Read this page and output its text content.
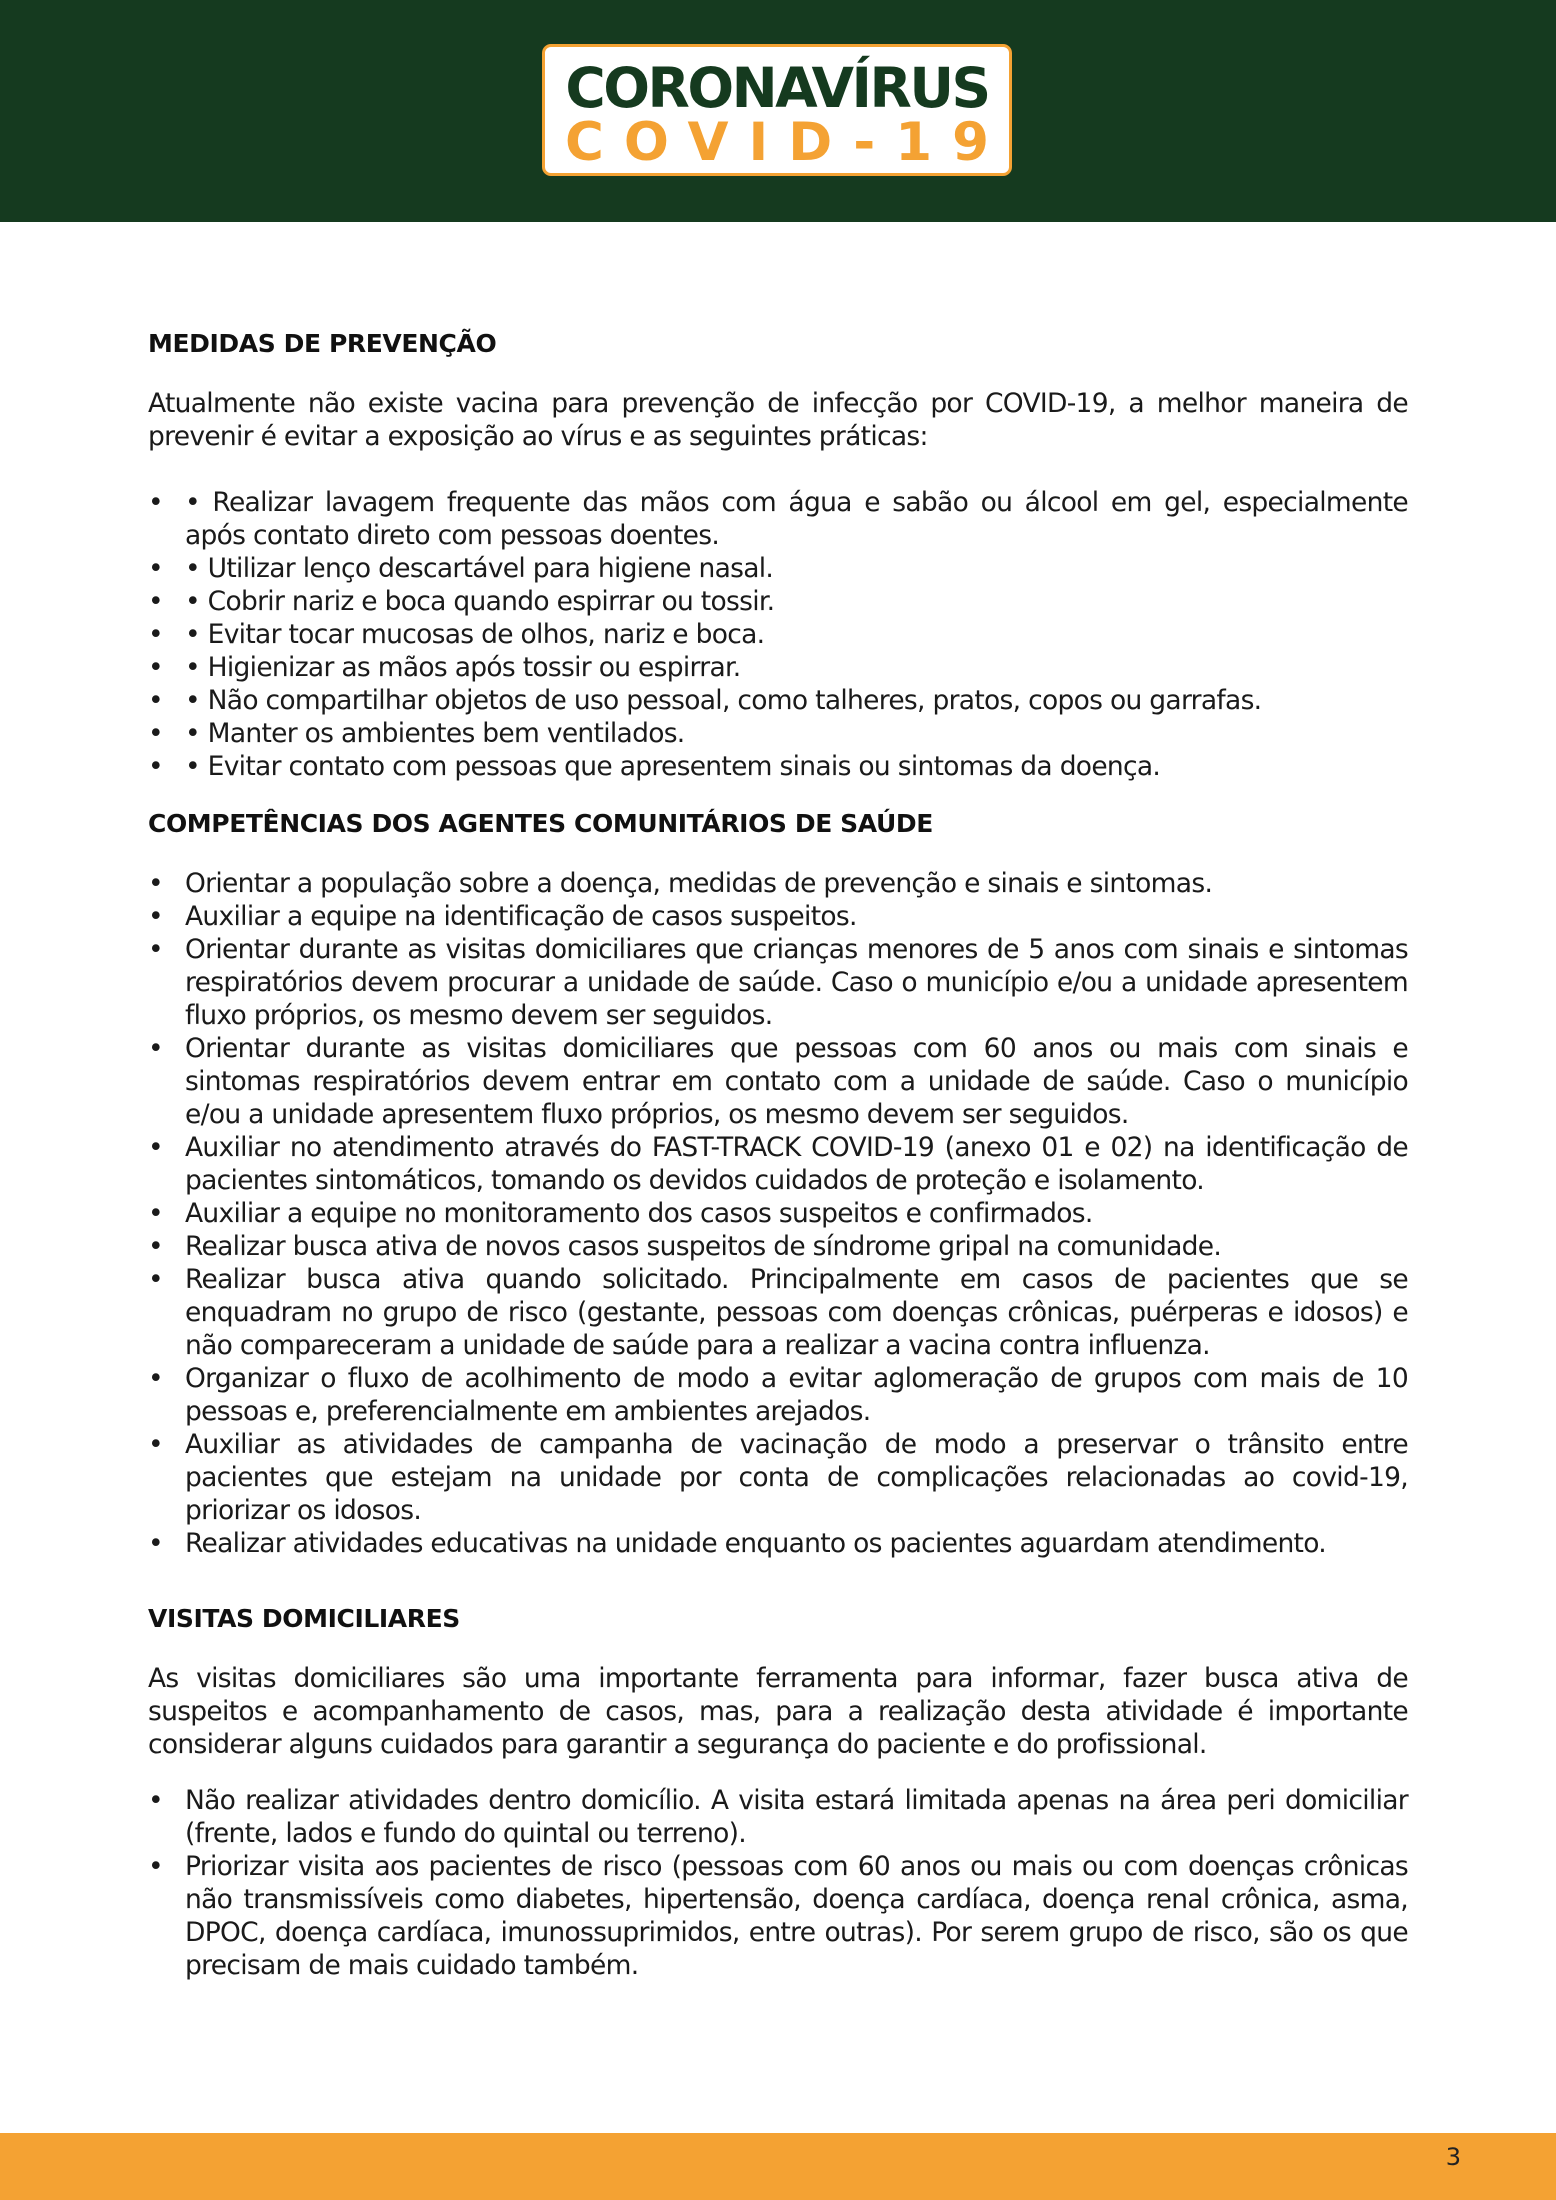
CORONAVÍRUS
COVID-19
MEDIDAS DE PREVENÇÃO

Atualmente não existe vacina para prevenção de infecção por COVID-19, a melhor maneira de prevenir é evitar a exposição ao vírus e as seguintes práticas:

• • Realizar lavagem frequente das mãos com água e sabão ou álcool em gel, especialmente após contato direto com pessoas doentes.
• • Utilizar lenço descartável para higiene nasal.
• • Cobrir nariz e boca quando espirrar ou tossir.
• • Evitar tocar mucosas de olhos, nariz e boca.
• • Higienizar as mãos após tossir ou espirrar.
• • Não compartilhar objetos de uso pessoal, como talheres, pratos, copos ou garrafas.
• • Manter os ambientes bem ventilados.
• • Evitar contato com pessoas que apresentem sinais ou sintomas da doença.
COMPETÊNCIAS DOS AGENTES COMUNITÁRIOS DE SAÚDE
• Orientar a população sobre a doença, medidas de prevenção e sinais e sintomas.
• Auxiliar a equipe na identificação de casos suspeitos.
• Orientar durante as visitas domiciliares que crianças menores de 5 anos com sinais e sintomas respiratórios devem procurar a unidade de saúde. Caso o município e/ou a unidade apresentem fluxo próprios, os mesmo devem ser seguidos.
• Orientar durante as visitas domiciliares que pessoas com 60 anos ou mais com sinais e sintomas respiratórios devem entrar em contato com a unidade de saúde. Caso o município e/ou a unidade apresentem fluxo próprios, os mesmo devem ser seguidos.
• Auxiliar no atendimento através do FAST-TRACK COVID-19 (anexo 01 e 02) na identificação de pacientes sintomáticos, tomando os devidos cuidados de proteção e isolamento.
• Auxiliar a equipe no monitoramento dos casos suspeitos e confirmados.
• Realizar busca ativa de novos casos suspeitos de síndrome gripal na comunidade.
• Realizar busca ativa quando solicitado. Principalmente em casos de pacientes que se enquadram no grupo de risco (gestante, pessoas com doenças crônicas, puérperas e idosos) e não compareceram a unidade de saúde para a realizar a vacina contra influenza.
• Organizar o fluxo de acolhimento de modo a evitar aglomeração de grupos com mais de 10 pessoas e, preferencialmente em ambientes arejados.
• Auxiliar as atividades de campanha de vacinação de modo a preservar o trânsito entre pacientes que estejam na unidade por conta de complicações relacionadas ao covid-19, priorizar os idosos.
• Realizar atividades educativas na unidade enquanto os pacientes aguardam atendimento.
VISITAS DOMICILIARES

As visitas domiciliares são uma importante ferramenta para informar, fazer busca ativa de suspeitos e acompanhamento de casos, mas, para a realização desta atividade é importante considerar alguns cuidados para garantir a segurança do paciente e do profissional.

• Não realizar atividades dentro domicílio. A visita estará limitada apenas na área peri domiciliar (frente, lados e fundo do quintal ou terreno).
• Priorizar visita aos pacientes de risco (pessoas com 60 anos ou mais ou com doenças crônicas não transmissíveis como diabetes, hipertensão, doença cardíaca, doença renal crônica, asma, DPOC, doença cardíaca, imunossuprimidos, entre outras). Por serem grupo de risco, são os que precisam de mais cuidado também.
3
